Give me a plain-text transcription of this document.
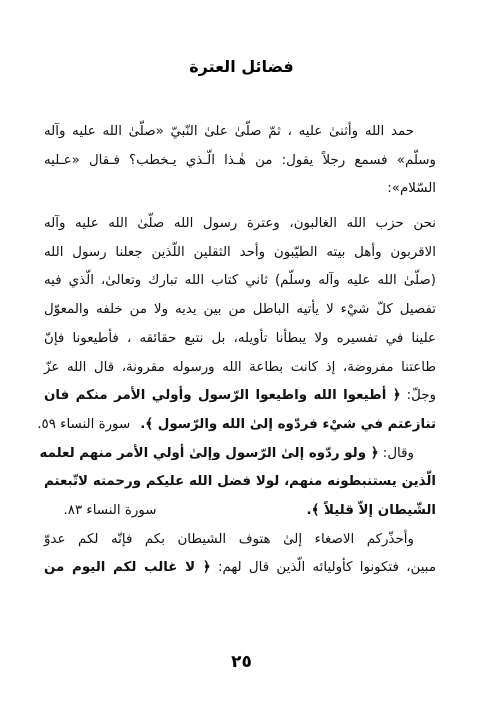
فضائل العترة
حمد الله وأثنىٰ عليه ، ثمّ صلّىٰ علىٰ النّبيّ «صلّىٰ الله عليه وآله
وسلّم» فسمع رجلاً يقول: من هٰـذا الّـذي يـخطب؟ فـقال «عـليه
السّلام»:
نحن حزب الله الغالبون، وعترة رسول الله صلّىٰ الله عليه وآله
الاقربون وأهل بيته الطيّبون وأحد الثقلين اللّذين جعلنا رسول الله
(صلّىٰ الله عليه وآله وسلّم) ثاني كتاب الله تبارك وتعالىٰ، الّذي فيه
تفصيل كلّ شيْء لا يأتيه الباطل من بين يديه ولا من خلفه والمعوّل
علينا في تفسيره ولا يبطأنا تأويله، بل نتبع حقائقه ، فأطيعونا فإنّ
طاعتنا مفروضة، إذ كانت بطاعة الله ورسوله مقرونة، قال الله عزّ
وجلّ: ﴿ أطيعوا الله واطيعوا الرّسول وأولي الأمر منكم فان
تنازعتم في شيْء فردّوه إلىٰ الله والرّسول ﴾.سورة النساء ٥٩.
وقال: ﴿ ولو ردّوه إلىٰ الرّسول وإلىٰ أولي الأمر منهم لعلمه
الّذين يستنبطونه منهم، لولا فضل الله عليكم ورحمته لاتّبعتم
الشّيطان إلاّ قليلاً ﴾.سورة النساء ٨٣.
وأحذّركم الاصغاء إلىٰ هتوف الشيطان بكم فإنّه لكم عدوّ
مبين، فتكونوا كأوليائه الّذين قال لهم: ﴿ لا غالب لكم اليوم من
٢٥
